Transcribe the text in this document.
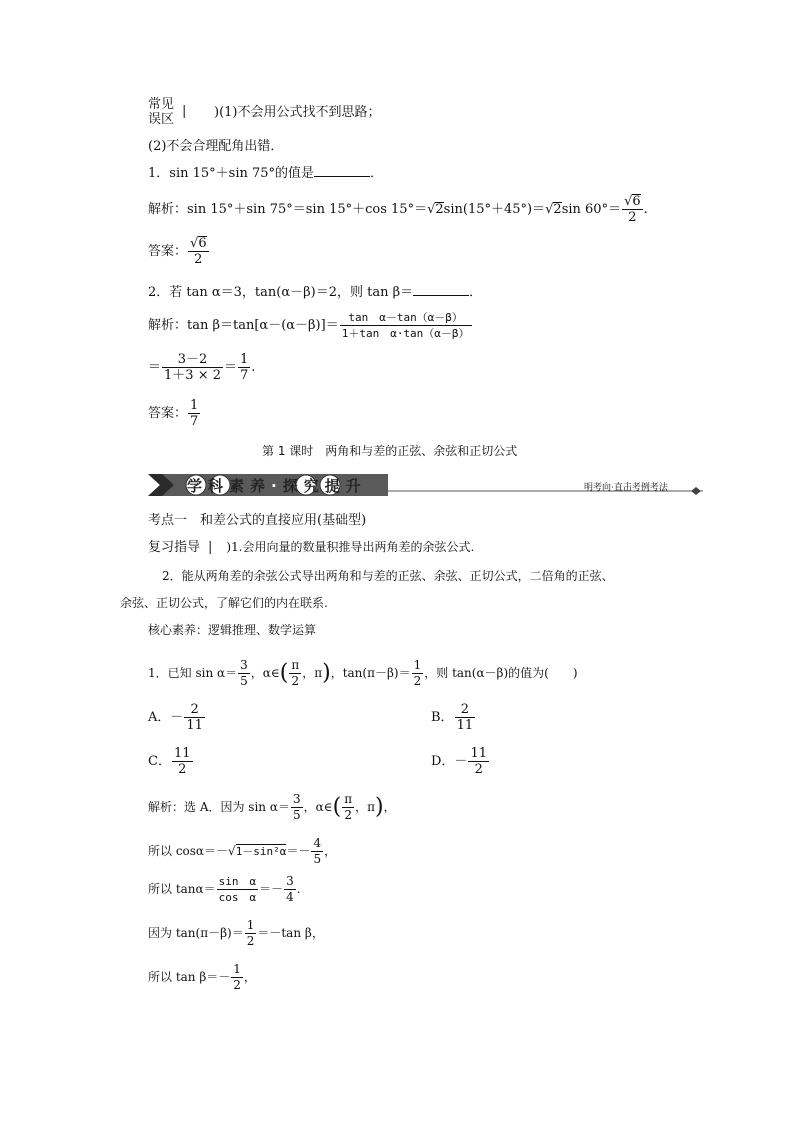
常见
误区
| )(1)不会用公式找不到思路；
(2)不会合理配角出错．
1．sin 15°＋sin 75°的值是	．
解析：sin 15°＋sin 75°＝sin 15°＋cos 15°＝√2sin(15°＋45°)＝√2sin $60^\circ= \frac{√6}{2}$ .
答案： $\frac{√6}{2}$
2．若 tan α＝3，tan(α－β)＝2，则 tan β＝	．
解析：$\tan \beta=\tan[\alpha-(\alpha-\beta)]= \frac{\text{tan　α－tan（α－β）}}{\text{1＋tan　α·tan（α－β）}}$
＝ $\frac{3-2}{1+3 \times 2} = \frac{1}{7}$ .
答案： $\frac{1}{7}$
第 1 课时　两角和与差的正弦、余弦和正切公式
学科素养·探究提升	明考向·直击考例考法
考点一　和差公式的直接应用(基础型)
复习指导 | )1.会用向量的数量积推导出两角差的余弦公式.
2．能从两角差的余弦公式导出两角和与差的正弦、余弦、正切公式，二倍角的正弦、
余弦、正切公式，了解它们的内在联系.
核心素养：逻辑推理、数学运算
1．已知 $\sin \alpha= \frac{3}{5}$ ，α∈( $\frac{\pi}{2}$ ，π)，$\tan(\pi-\beta)= \frac{1}{2}$ ，则 tan(α－β)的值为(　　)
A．－ $\frac{2}{11}$	B． $\frac{2}{11}$
C． $\frac{11}{2}$	D．－ $\frac{11}{2}$
解析：选 A．因为 $\sin \alpha= \frac{3}{5}$ ，α∈( $\frac{\pi}{2}$ ，π)，
所以 $\cos\alpha=-√1-\sin^2\alpha=- \frac{4}{5}$ ，
所以 $\tan\alpha= \frac{\text{sin　α}}{\text{cos　α}} =- \frac{3}{4}$ .
因为 $\tan(\pi-\beta)= \frac{1}{2} =-\tan$ β，
所以 $\tan \beta=- \frac{1}{2}$ ，
